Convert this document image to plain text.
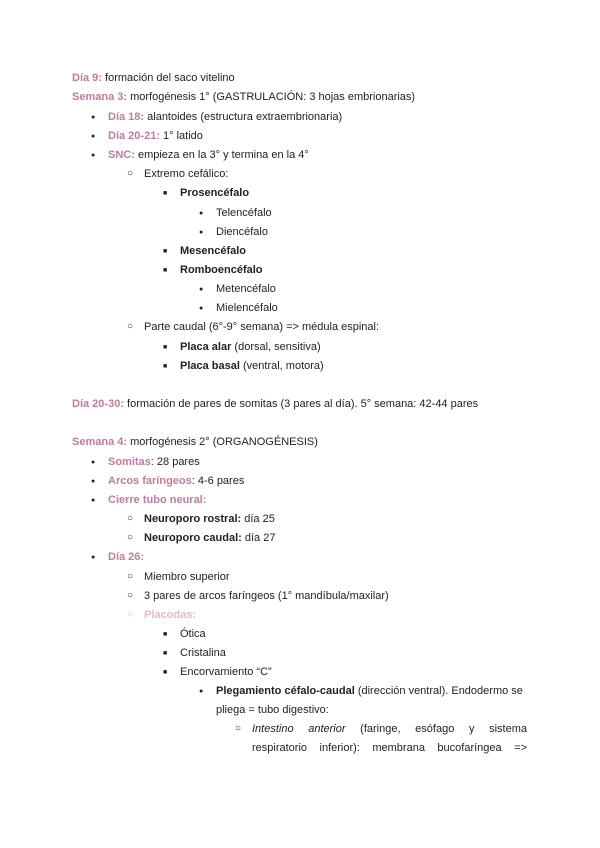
Día 9: formación del saco vitelino
Semana 3: morfogénesis 1° (GASTRULACIÓN: 3 hojas embrionarias)
●
Día 18: alantoides (estructura extraembrionaria)
●
Día 20-21: 1° latido
●
SNC: empieza en la 3° y termina en la 4°
○
Extremo cefálico:
■
Prosencéfalo
●
Telencéfalo
●
Diencéfalo
■
Mesencéfalo
■
Romboencéfalo
●
Metencéfalo
●
Mielencéfalo
○
Parte caudal (6°-9° semana) => médula espinal:
■
Placa alar (dorsal, sensitiva)
■
Placa basal (ventral, motora)
Día 20-30: formación de pares de somitas (3 pares al día). 5° semana: 42-44 pares
Semana 4: morfogénesis 2° (ORGANOGÉNESIS)
●
Somitas: 28 pares
●
Arcos faríngeos: 4-6 pares
●
Cierre tubo neural:
○
Neuroporo rostral: día 25
○
Neuroporo caudal: día 27
●
Día 26:
○
Miembro superior
○
3 pares de arcos faríngeos (1° mandíbula/maxilar)
○
Placodas:
■
Ótica
■
Cristalina
■
Encorvamiento “C”
●
Plegamiento céfalo-caudal (dirección ventral). Endodermo se
pliega = tubo digestivo:
○
Intestino anterior (faringe, esófago y sistema
respiratorio inferior): membrana bucofaríngea =>
